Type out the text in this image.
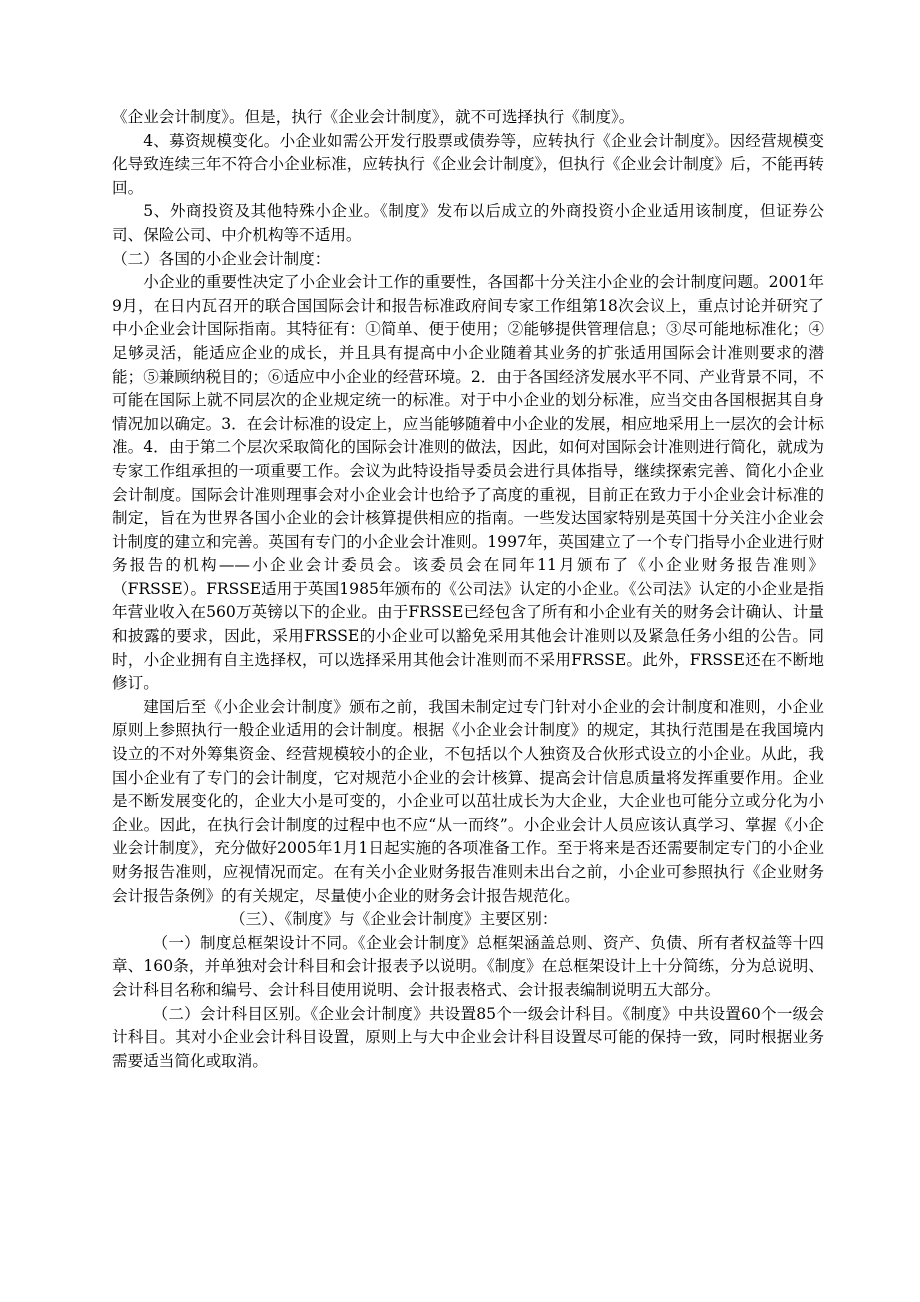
《企业会计制度》。但是，执行《企业会计制度》，就不可选择执行《制度》。

4、募资规模变化。小企业如需公开发行股票或债券等，应转执行《企业会计制度》。因经营规模变化导致连续三年不符合小企业标准，应转执行《企业会计制度》，但执行《企业会计制度》后，不能再转回。

5、外商投资及其他特殊小企业。《制度》发布以后成立的外商投资小企业适用该制度，但证券公司、保险公司、中介机构等不适用。

（二）各国的小企业会计制度：

小企业的重要性决定了小企业会计工作的重要性，各国都十分关注小企业的会计制度问题。2001年9月，在日内瓦召开的联合国国际会计和报告标准政府间专家工作组第18次会议上，重点讨论并研究了中小企业会计国际指南。其特征有：①简单、便于使用；②能够提供管理信息；③尽可能地标准化；④足够灵活，能适应企业的成长，并且具有提高中小企业随着其业务的扩张适用国际会计准则要求的潜能；⑤兼顾纳税目的；⑥适应中小企业的经营环境。2．由于各国经济发展水平不同、产业背景不同，不可能在国际上就不同层次的企业规定统一的标准。对于中小企业的划分标准，应当交由各国根据其自身情况加以确定。3．在会计标准的设定上，应当能够随着中小企业的发展，相应地采用上一层次的会计标准。4．由于第二个层次采取简化的国际会计准则的做法，因此，如何对国际会计准则进行简化，就成为专家工作组承担的一项重要工作。会议为此特设指导委员会进行具体指导，继续探索完善、简化小企业会计制度。国际会计准则理事会对小企业会计也给予了高度的重视，目前正在致力于小企业会计标准的制定，旨在为世界各国小企业的会计核算提供相应的指南。一些发达国家特别是英国十分关注小企业会计制度的建立和完善。英国有专门的小企业会计准则。1997年，英国建立了一个专门指导小企业进行财务报告的机构——小企业会计委员会。该委员会在同年11月颁布了《小企业财务报告准则》（FRSSE）。FRSSE适用于英国1985年颁布的《公司法》认定的小企业。《公司法》认定的小企业是指年营业收入在560万英镑以下的企业。由于FRSSE已经包含了所有和小企业有关的财务会计确认、计量和披露的要求，因此，采用FRSSE的小企业可以豁免采用其他会计准则以及紧急任务小组的公告。同时，小企业拥有自主选择权，可以选择采用其他会计准则而不采用FRSSE。此外，FRSSE还在不断地修订。

建国后至《小企业会计制度》颁布之前，我国未制定过专门针对小企业的会计制度和准则，小企业原则上参照执行一般企业适用的会计制度。根据《小企业会计制度》的规定，其执行范围是在我国境内设立的不对外筹集资金、经营规模较小的企业，不包括以个人独资及合伙形式设立的小企业。从此，我国小企业有了专门的会计制度，它对规范小企业的会计核算、提高会计信息质量将发挥重要作用。企业是不断发展变化的，企业大小是可变的，小企业可以茁壮成长为大企业，大企业也可能分立或分化为小企业。因此，在执行会计制度的过程中也不应“从一而终”。小企业会计人员应该认真学习、掌握《小企业会计制度》，充分做好2005年1月1日起实施的各项准备工作。至于将来是否还需要制定专门的小企业财务报告准则，应视情况而定。在有关小企业财务报告准则未出台之前，小企业可参照执行《企业财务会计报告条例》的有关规定，尽量使小企业的财务会计报告规范化。

（三）、《制度》与《企业会计制度》主要区别：

（一）制度总框架设计不同。《企业会计制度》总框架涵盖总则、资产、负债、所有者权益等十四章、160条，并单独对会计科目和会计报表予以说明。《制度》在总框架设计上十分简练，分为总说明、会计科目名称和编号、会计科目使用说明、会计报表格式、会计报表编制说明五大部分。

（二）会计科目区别。《企业会计制度》共设置85个一级会计科目。《制度》中共设置60个一级会计科目。其对小企业会计科目设置，原则上与大中企业会计科目设置尽可能的保持一致，同时根据业务需要适当简化或取消。
